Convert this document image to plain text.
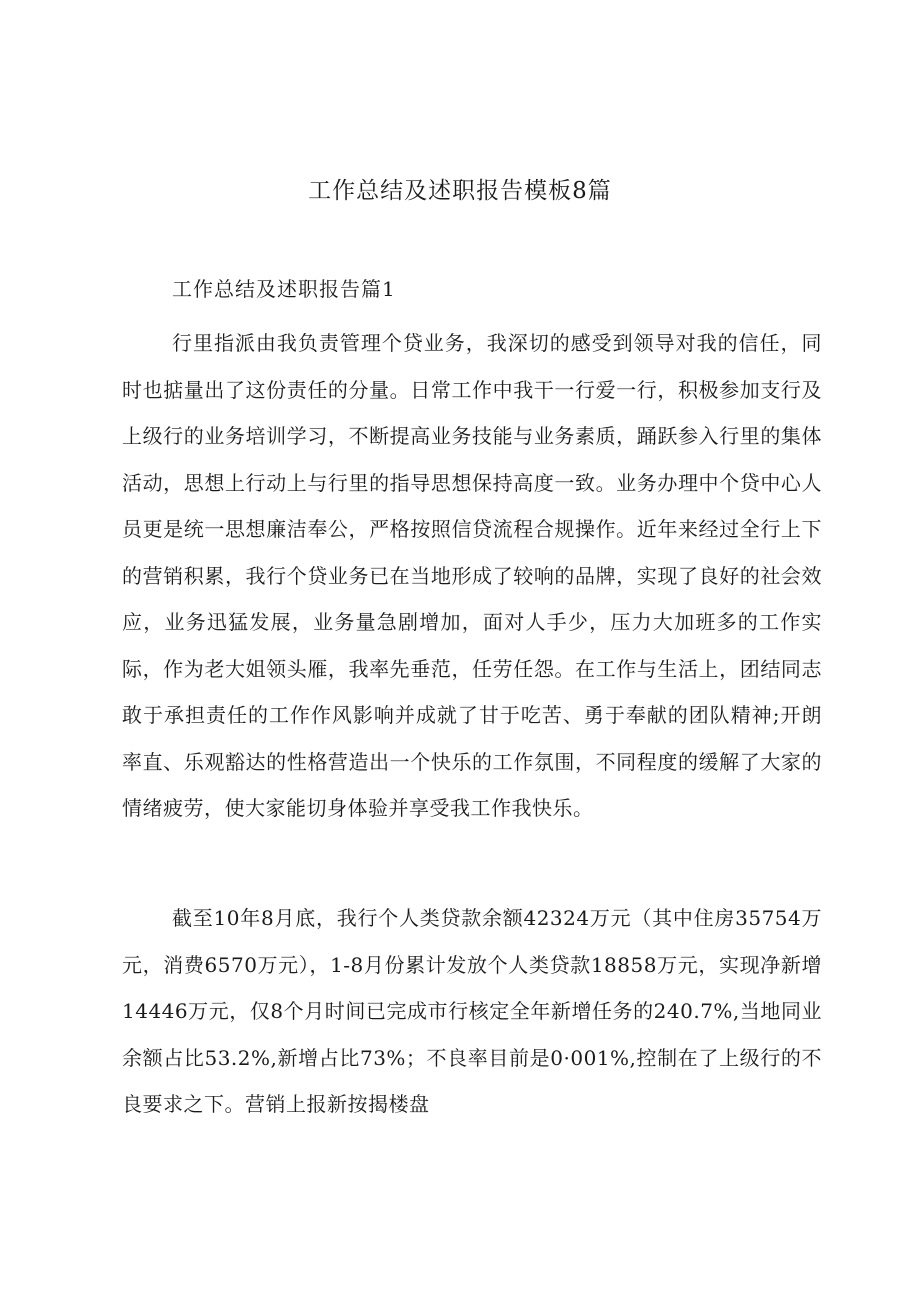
工作总结及述职报告模板8篇
工作总结及述职报告篇1

行里指派由我负责管理个贷业务，我深切的感受到领导对我的信任，同时也掂量出了这份责任的分量。日常工作中我干一行爱一行，积极参加支行及上级行的业务培训学习，不断提高业务技能与业务素质，踊跃参入行里的集体活动，思想上行动上与行里的指导思想保持高度一致。业务办理中个贷中心人员更是统一思想廉洁奉公，严格按照信贷流程合规操作。近年来经过全行上下的营销积累，我行个贷业务已在当地形成了较响的品牌，实现了良好的社会效应，业务迅猛发展，业务量急剧增加，面对人手少，压力大加班多的工作实际，作为老大姐领头雁，我率先垂范，任劳任怨。在工作与生活上，团结同志敢于承担责任的工作作风影响并成就了甘于吃苦、勇于奉献的团队精神;开朗率直、乐观豁达的性格营造出一个快乐的工作氛围，不同程度的缓解了大家的情绪疲劳，使大家能切身体验并享受我工作我快乐。

截至10年8月底，我行个人类贷款余额42324万元（其中住房35754万元，消费6570万元），1-8月份累计发放个人类贷款18858万元，实现净新增14446万元，仅8个月时间已完成市行核定全年新增任务的240.7%,当地同业余额占比53.2%,新增占比73%；不良率目前是0·001%,控制在了上级行的不良要求之下。营销上报新按揭楼盘
